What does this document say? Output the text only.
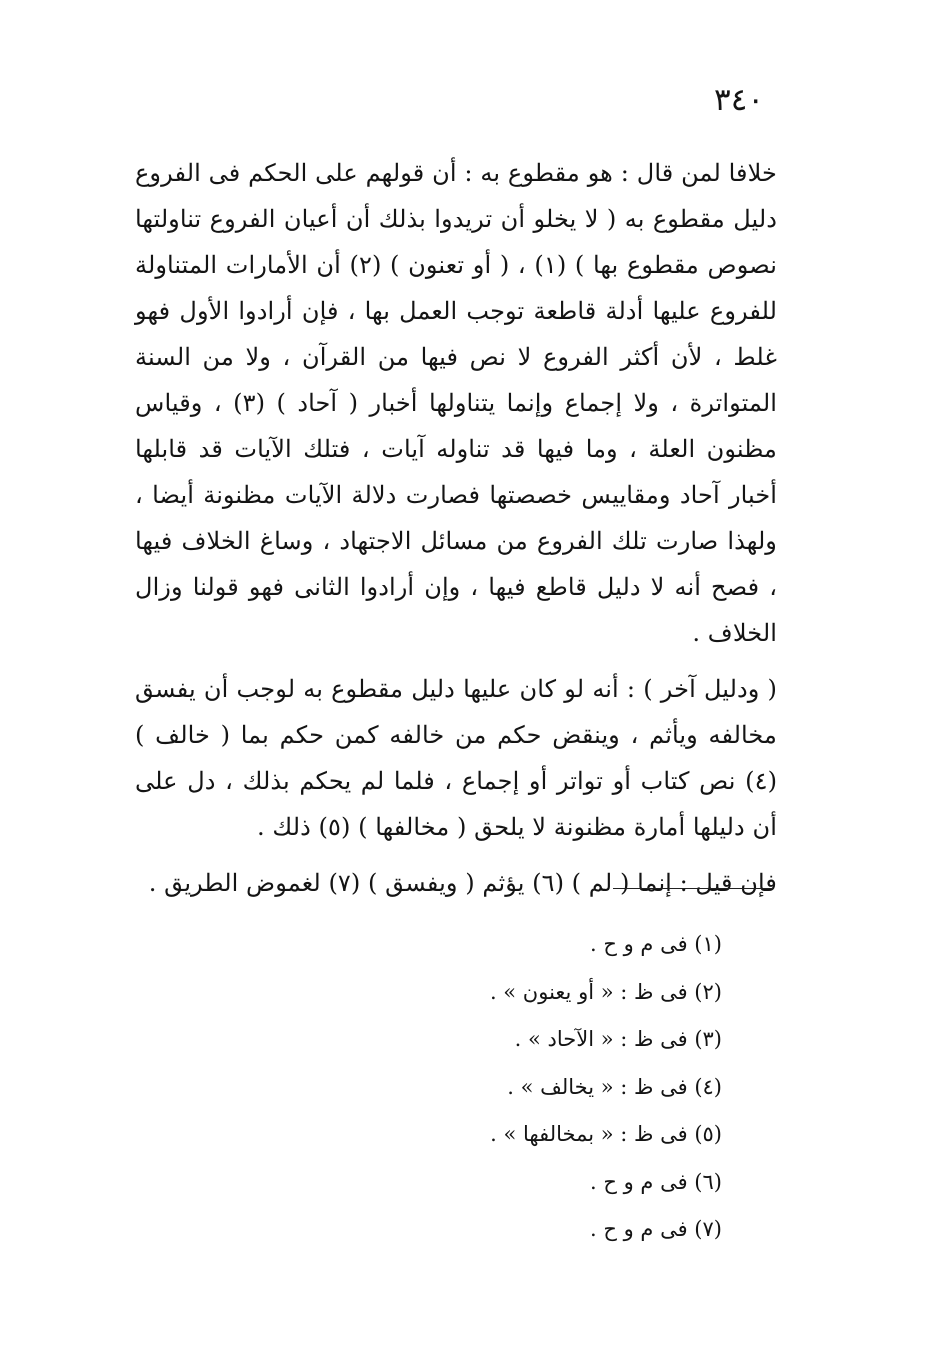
٣٤٠

خلافا لمن قال : هو مقطوع به : أن قولهم على الحكم فى الفروع دليل مقطوع به ( لا يخلو أن تريدوا بذلك أن أعيان الفروع تناولتها نصوص مقطوع بها ) (١) ، ( أو تعنون ) (٢) أن الأمارات المتناولة للفروع عليها أدلة قاطعة توجب العمل بها ، فإن أرادوا الأول فهو غلط ، لأن أكثر الفروع لا نص فيها من القرآن ، ولا من السنة المتواترة ، ولا إجماع وإنما يتناولها أخبار ( آحاد ) (٣) ، وقياس مظنون العلة ، وما فيها قد تناوله آيات ، فتلك الآيات قد قابلها أخبار آحاد ومقاييس خصصتها فصارت دلالة الآيات مظنونة أيضا ، ولهذا صارت تلك الفروع من مسائل الاجتهاد ، وساغ الخلاف فيها ، فصح أنه لا دليل قاطع فيها ، وإن أرادوا الثانى فهو قولنا وزال الخلاف .

( ودليل آخر ) : أنه لو كان عليها دليل مقطوع به لوجب أن يفسق مخالفه ويأثم ، وينقض حكم من خالفه كمن حكم بما ( خالف ) (٤) نص كتاب أو تواتر أو إجماع ، فلما لم يحكم بذلك ، دل على أن دليلها أمارة مظنونة لا يلحق ( مخالفها ) (٥) ذلك .

فإن قيل : إنما ( لم ) (٦) يؤثم ( ويفسق ) (٧) لغموض الطريق .

(١) فى م و ح .

(٢) فى ظ : « أو يعنون » .

(٣) فى ظ : « الآحاد » .

(٤) فى ظ : « يخالف » .

(٥) فى ظ : « بمخالفها » .

(٦) فى م و ح .

(٧) فى م و ح .
